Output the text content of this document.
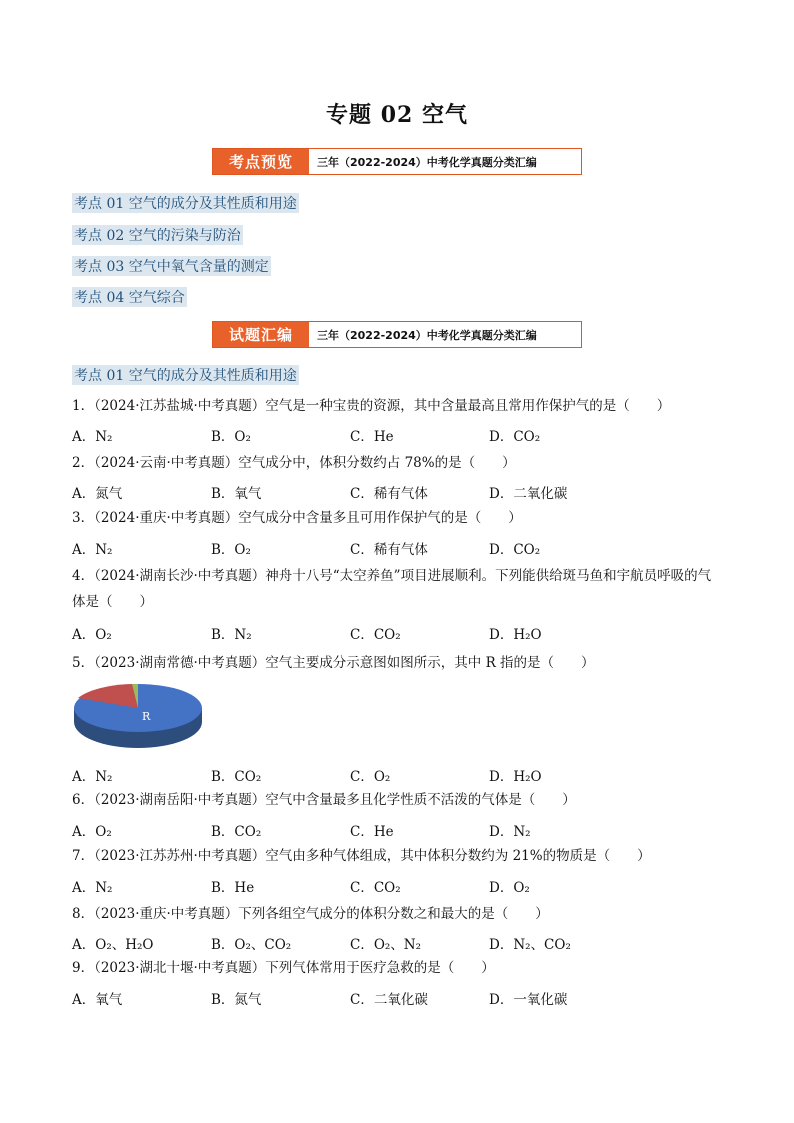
专题 02 空气
考点预览	三年（2022-2024）中考化学真题分类汇编
考点 01 空气的成分及其性质和用途
考点 02 空气的污染与防治
考点 03 空气中氧气含量的测定
考点 04 空气综合
试题汇编	三年（2022-2024）中考化学真题分类汇编
考点 01 空气的成分及其性质和用途
1．（2024·江苏盐城·中考真题）空气是一种宝贵的资源，其中含量最高且常用作保护气的是（　　）
A．N₂	B．O₂	C．He	D．CO₂
2．（2024·云南·中考真题）空气成分中，体积分数约占 78%的是（　　）
A．氮气	B．氧气	C．稀有气体	D．二氧化碳
3．（2024·重庆·中考真题）空气成分中含量多且可用作保护气的是（　　）
A．N₂	B．O₂	C．稀有气体	D．CO₂
4．（2024·湖南长沙·中考真题）神舟十八号“太空养鱼”项目进展顺利。下列能供给斑马鱼和宇航员呼吸的气
体是（　　）
A．O₂	B．N₂	C．CO₂	D．H₂O
5．（2023·湖南常德·中考真题）空气主要成分示意图如图所示，其中 R 指的是（　　）
R
A．N₂	B．CO₂	C．O₂	D．H₂O
6．（2023·湖南岳阳·中考真题）空气中含量最多且化学性质不活泼的气体是（　　）
A．O₂	B．CO₂	C．He	D．N₂
7．（2023·江苏苏州·中考真题）空气由多种气体组成，其中体积分数约为 21%的物质是（　　）
A．N₂	B．He	C．CO₂	D．O₂
8．（2023·重庆·中考真题）下列各组空气成分的体积分数之和最大的是（　　）
A．O₂、H₂O	B．O₂、CO₂	C．O₂、N₂	D．N₂、CO₂
9．（2023·湖北十堰·中考真题）下列气体常用于医疗急救的是（　　）
A．氧气	B．氮气	C．二氧化碳	D．一氧化碳
